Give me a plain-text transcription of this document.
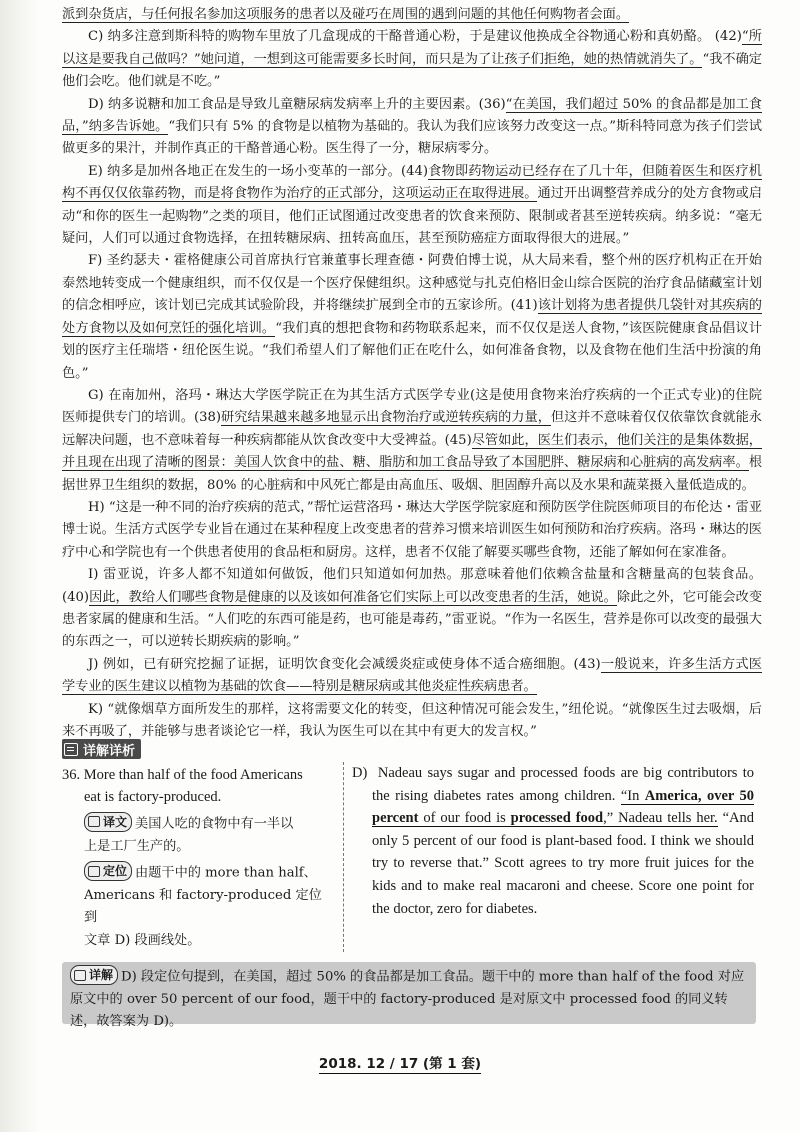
派到杂货店，与任何报名参加这项服务的患者以及碰巧在周围的遇到问题的其他任何购物者会面。

C) 纳多注意到斯科特的购物车里放了几盒现成的干酪普通心粉，于是建议他换成全谷物通心粉和真奶酪。 (42)“所以这是要我自己做吗？”她问道，一想到这可能需要多长时间，而只是为了让孩子们拒绝，她的热情就消失了。“我不确定他们会吃。他们就是不吃。”

D) 纳多说糖和加工食品是导致儿童糖尿病发病率上升的主要因素。(36)“在美国，我们超过 50% 的食品都是加工食品，”纳多告诉她。“我们只有 5% 的食物是以植物为基础的。我认为我们应该努力改变这一点。”斯科特同意为孩子们尝试做更多的果汁，并制作真正的干酪普通心粉。医生得了一分，糖尿病零分。

E) 纳多是加州各地正在发生的一场小变革的一部分。(44)食物即药物运动已经存在了几十年，但随着医生和医疗机构不再仅仅依靠药物，而是将食物作为治疗的正式部分，这项运动正在取得进展。通过开出调整营养成分的处方食物或启动“和你的医生一起购物”之类的项目，他们正试图通过改变患者的饮食来预防、限制或者甚至逆转疾病。纳多说：“毫无疑问，人们可以通过食物选择，在扭转糖尿病、扭转高血压，甚至预防癌症方面取得很大的进展。”

F) 圣约瑟夫・霍格健康公司首席执行官兼董事长理查德・阿费伯博士说，从大局来看，整个州的医疗机构正在开始泰然地转变成一个健康组织，而不仅仅是一个医疗保健组织。这种感觉与扎克伯格旧金山综合医院的治疗食品储藏室计划的信念相呼应，该计划已完成其试验阶段，并将继续扩展到全市的五家诊所。(41)该计划将为患者提供几袋针对其疾病的处方食物以及如何烹饪的强化培训。“我们真的想把食物和药物联系起来，而不仅仅是送人食物，”该医院健康食品倡议计划的医疗主任瑞塔・纽伦医生说。“我们希望人们了解他们正在吃什么，如何准备食物，以及食物在他们生活中扮演的角色。”

G) 在南加州，洛玛・琳达大学医学院正在为其生活方式医学专业(这是使用食物来治疗疾病的一个正式专业)的住院医师提供专门的培训。(38)研究结果越来越多地显示出食物治疗或逆转疾病的力量，但这并不意味着仅仅依靠饮食就能永远解决问题，也不意味着每一种疾病都能从饮食改变中大受裨益。(45)尽管如此，医生们表示，他们关注的是集体数据，并且现在出现了清晰的图景：美国人饮食中的盐、糖、脂肪和加工食品导致了本国肥胖、糖尿病和心脏病的高发病率。根据世界卫生组织的数据，80% 的心脏病和中风死亡都是由高血压、吸烟、胆固醇升高以及水果和蔬菜摄入量低造成的。

H) “这是一种不同的治疗疾病的范式，”帮忙运营洛玛・琳达大学医学院家庭和预防医学住院医师项目的布伦达・雷亚博士说。生活方式医学专业旨在通过在某种程度上改变患者的营养习惯来培训医生如何预防和治疗疾病。洛玛・琳达的医疗中心和学院也有一个供患者使用的食品柜和厨房。这样，患者不仅能了解要买哪些食物，还能了解如何在家准备。

I) 雷亚说，许多人都不知道如何做饭，他们只知道如何加热。那意味着他们依赖含盐量和含糖量高的包装食品。(40)因此，教给人们哪些食物是健康的以及该如何准备它们实际上可以改变患者的生活，她说。除此之外，它可能会改变患者家属的健康和生活。“人们吃的东西可能是药，也可能是毒药，”雷亚说。“作为一名医生，营养是你可以改变的最强大的东西之一，可以逆转长期疾病的影响。”

J) 例如，已有研究挖掘了证据，证明饮食变化会减缓炎症或使身体不适合癌细胞。(43)一般说来，许多生活方式医学专业的医生建议以植物为基础的饮食——特别是糖尿病或其他炎症性疾病患者。

K) “就像烟草方面所发生的那样，这将需要文化的转变，但这种情况可能会发生，”纽伦说。“就像医生过去吸烟，后来不再吸了，并能够与患者谈论它一样，我认为医生可以在其中有更大的发言权。”

详解详析

36. More than half of the food Americans

eat is factory-produced.

译文 美国人吃的食物中有一半以

上是工厂生产的。

定位 由题干中的 more than half、

Americans 和 factory-produced 定位到

文章 D) 段画线处。

D) Nadeau says sugar and processed foods are big contributors to the rising diabetes rates among children. “In America, over 50 percent of our food is processed food,” Nadeau tells her. “And only 5 percent of our food is plant-based food. I think we should try to reverse that.” Scott agrees to try more fruit juices for the kids and to make real macaroni and cheese. Score one point for the doctor, zero for diabetes.

详解 D) 段定位句提到，在美国，超过 50% 的食品都是加工食品。题干中的 more than half of the food 对应原文中的 over 50 percent of our food，题干中的 factory-produced 是对原文中 processed food 的同义转述，故答案为 D)。
2018. 12 / 17 (第 1 套)
